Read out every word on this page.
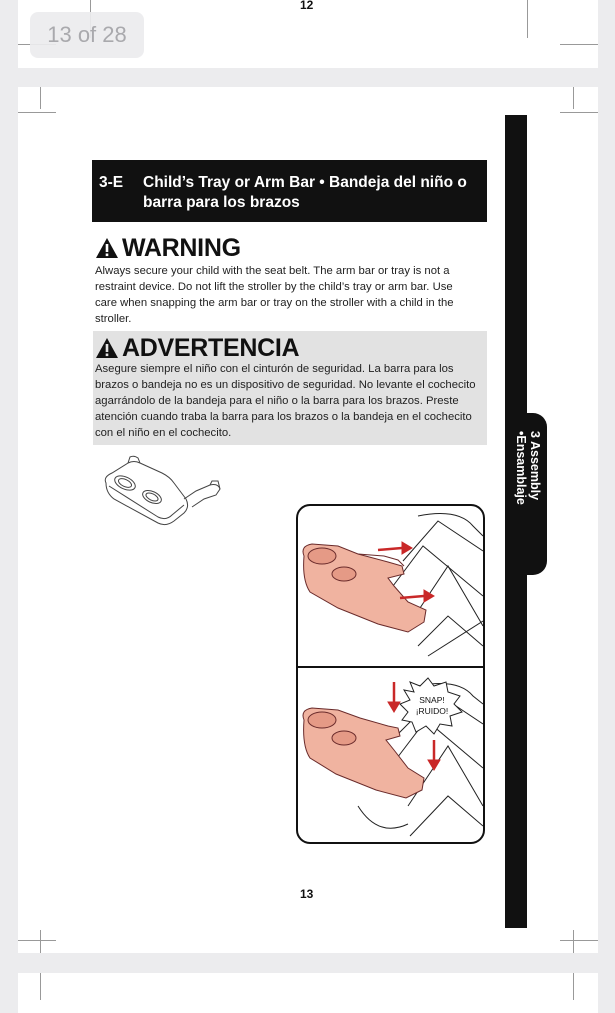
12
3 Assembly
•Ensamblaje
3-E Child’s Tray or Arm Bar • Bandeja del niño o barra para los brazos
WARNING
Always secure your child with the seat belt. The arm bar or tray is not a restraint device. Do not lift the stroller by the child’s tray or arm bar. Use care when snapping the arm bar or tray on the stroller with a child in the stroller.
ADVERTENCIA
Asegure siempre el niño con el cinturón de seguridad. La barra para los brazos o bandeja no es un dispositivo de seguridad. No levante el cochecito agarrándolo de la bandeja para el niño o la barra para los brazos. Preste atención cuando traba la barra para los brazos o la bandeja en el cochecito con el niño en el cochecito.
SNAP!
¡RUIDO!
13
13 of 28
